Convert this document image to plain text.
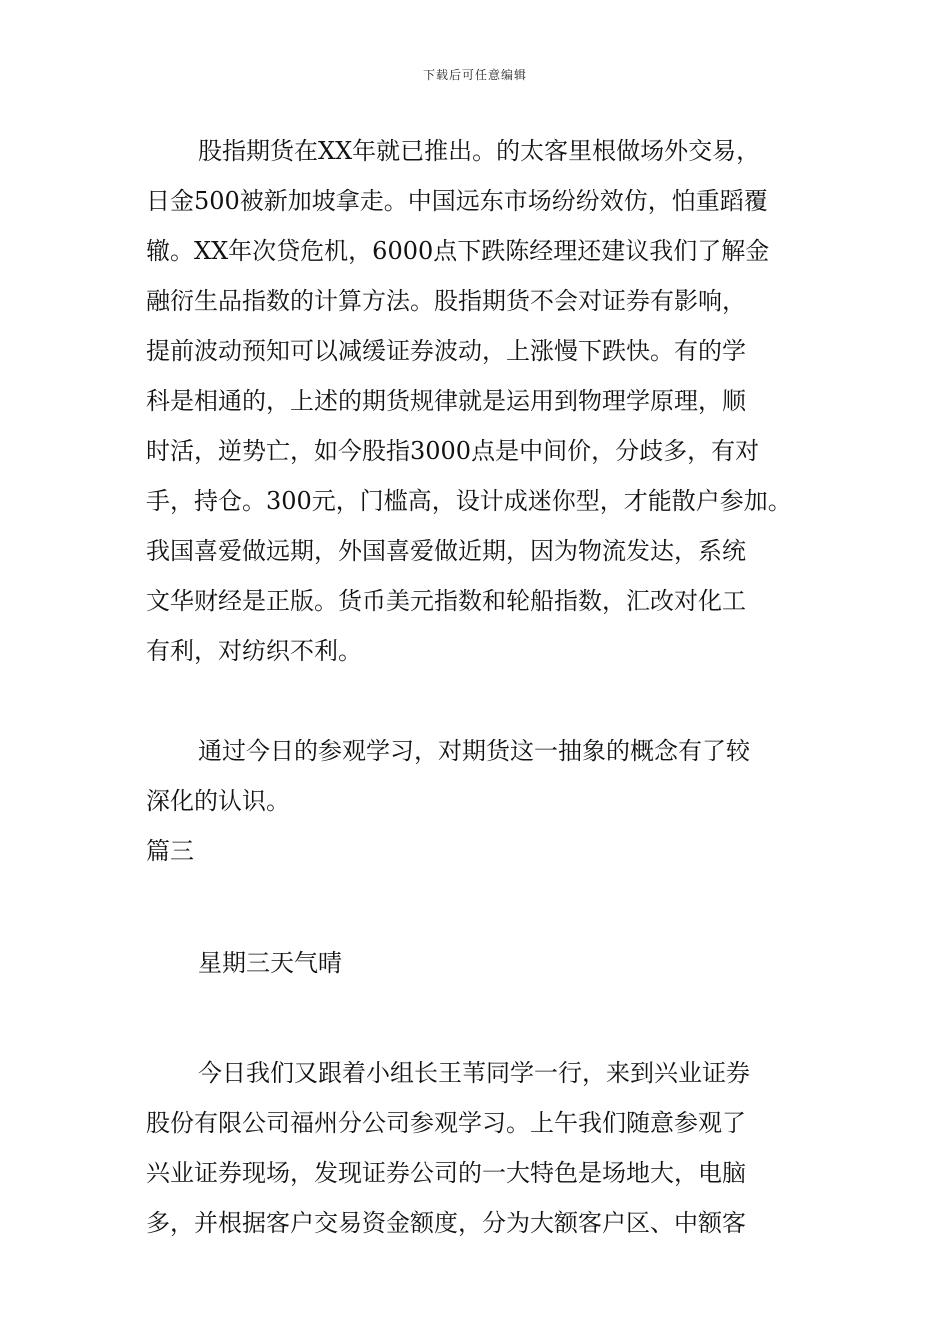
下载后可任意编辑
股指期货在XX年就已推出。的太客里根做场外交易，
日金500被新加坡拿走。中国远东市场纷纷效仿，怕重蹈覆
辙。XX年次贷危机，6000点下跌陈经理还建议我们了解金
融衍生品指数的计算方法。股指期货不会对证券有影响，
提前波动预知可以减缓证券波动，上涨慢下跌快。有的学
科是相通的，上述的期货规律就是运用到物理学原理，顺
时活，逆势亡，如今股指3000点是中间价，分歧多，有对
手，持仓。300元，门槛高，设计成迷你型，才能散户参加。
我国喜爱做远期，外国喜爱做近期，因为物流发达，系统
文华财经是正版。货币美元指数和轮船指数，汇改对化工
有利，对纺织不利。
通过今日的参观学习，对期货这一抽象的概念有了较
深化的认识。
篇三
星期三天气晴
今日我们又跟着小组长王苇同学一行，来到兴业证券
股份有限公司福州分公司参观学习。上午我们随意参观了
兴业证券现场，发现证券公司的一大特色是场地大，电脑
多，并根据客户交易资金额度，分为大额客户区、中额客
